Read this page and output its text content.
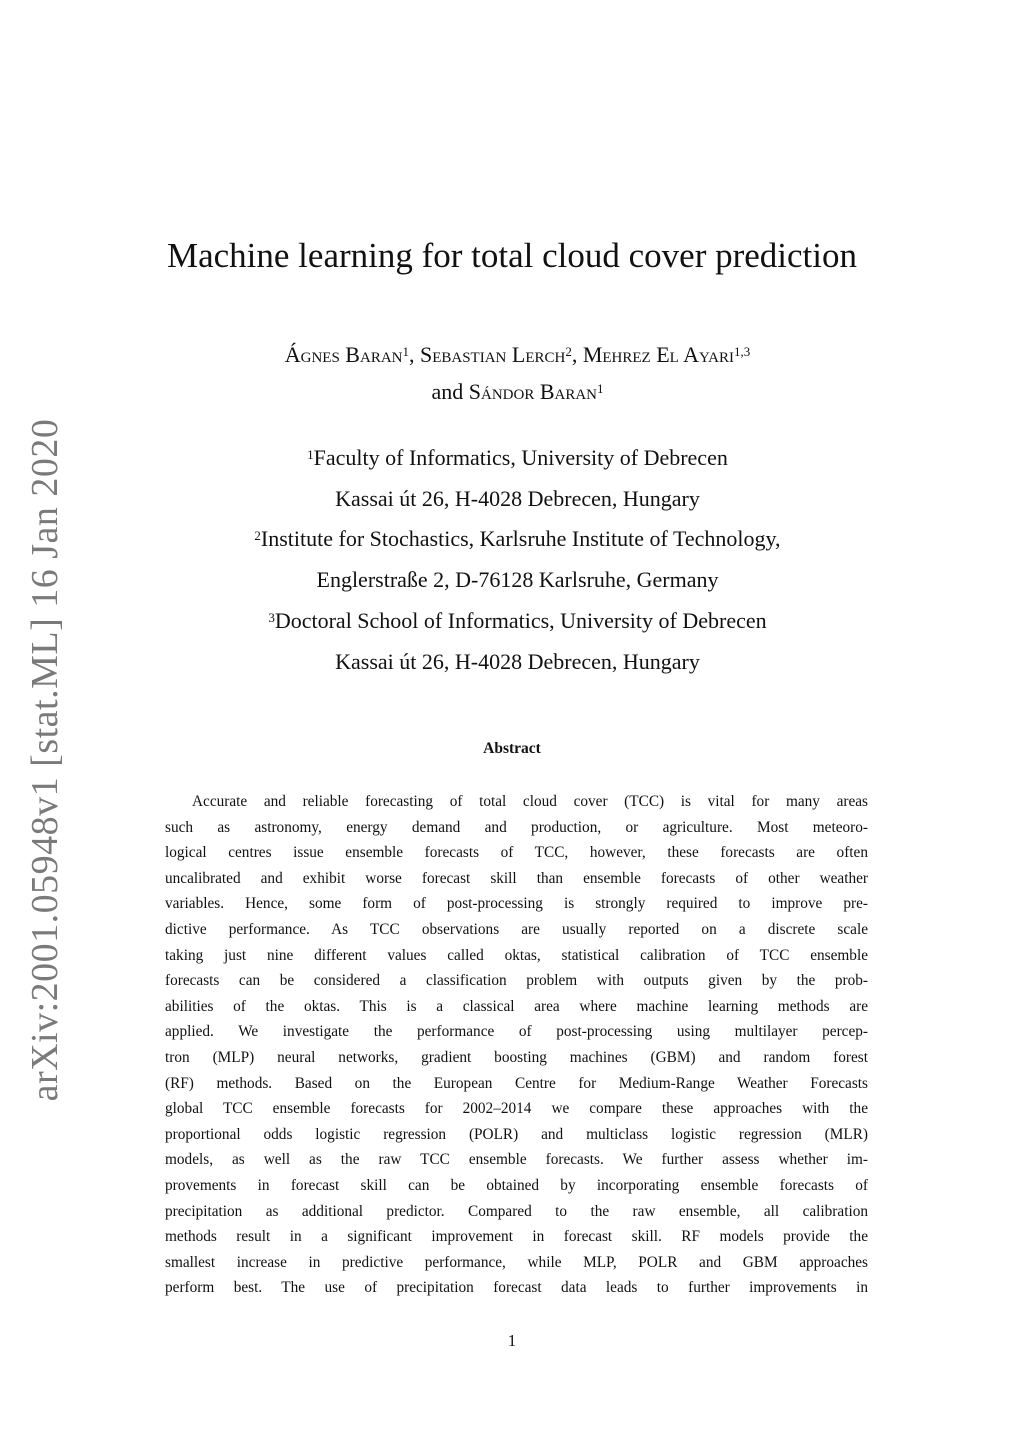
arXiv:2001.05948v1 [stat.ML] 16 Jan 2020
Machine learning for total cloud cover prediction
Ágnes Baran$^1$, Sebastian Lerch$^2$, Mehrez El Ayari$^{1,3}$
and Sándor Baran$^1$
$^1$Faculty of Informatics, University of Debrecen
Kassai út 26, H-4028 Debrecen, Hungary
$^2$Institute for Stochastics, Karlsruhe Institute of Technology,
Englerstraße 2, D-76128 Karlsruhe, Germany
$^3$Doctoral School of Informatics, University of Debrecen
Kassai út 26, H-4028 Debrecen, Hungary
Abstract
Accurate and reliable forecasting of total cloud cover (TCC) is vital for many areas
such as astronomy, energy demand and production, or agriculture. Most meteoro-
logical centres issue ensemble forecasts of TCC, however, these forecasts are often
uncalibrated and exhibit worse forecast skill than ensemble forecasts of other weather
variables. Hence, some form of post-processing is strongly required to improve pre-
dictive performance. As TCC observations are usually reported on a discrete scale
taking just nine different values called oktas, statistical calibration of TCC ensemble
forecasts can be considered a classification problem with outputs given by the prob-
abilities of the oktas. This is a classical area where machine learning methods are
applied. We investigate the performance of post-processing using multilayer percep-
tron (MLP) neural networks, gradient boosting machines (GBM) and random forest
(RF) methods. Based on the European Centre for Medium-Range Weather Forecasts
global TCC ensemble forecasts for 2002–2014 we compare these approaches with the
proportional odds logistic regression (POLR) and multiclass logistic regression (MLR)
models, as well as the raw TCC ensemble forecasts. We further assess whether im-
provements in forecast skill can be obtained by incorporating ensemble forecasts of
precipitation as additional predictor. Compared to the raw ensemble, all calibration
methods result in a significant improvement in forecast skill. RF models provide the
smallest increase in predictive performance, while MLP, POLR and GBM approaches
perform best. The use of precipitation forecast data leads to further improvements in
1
